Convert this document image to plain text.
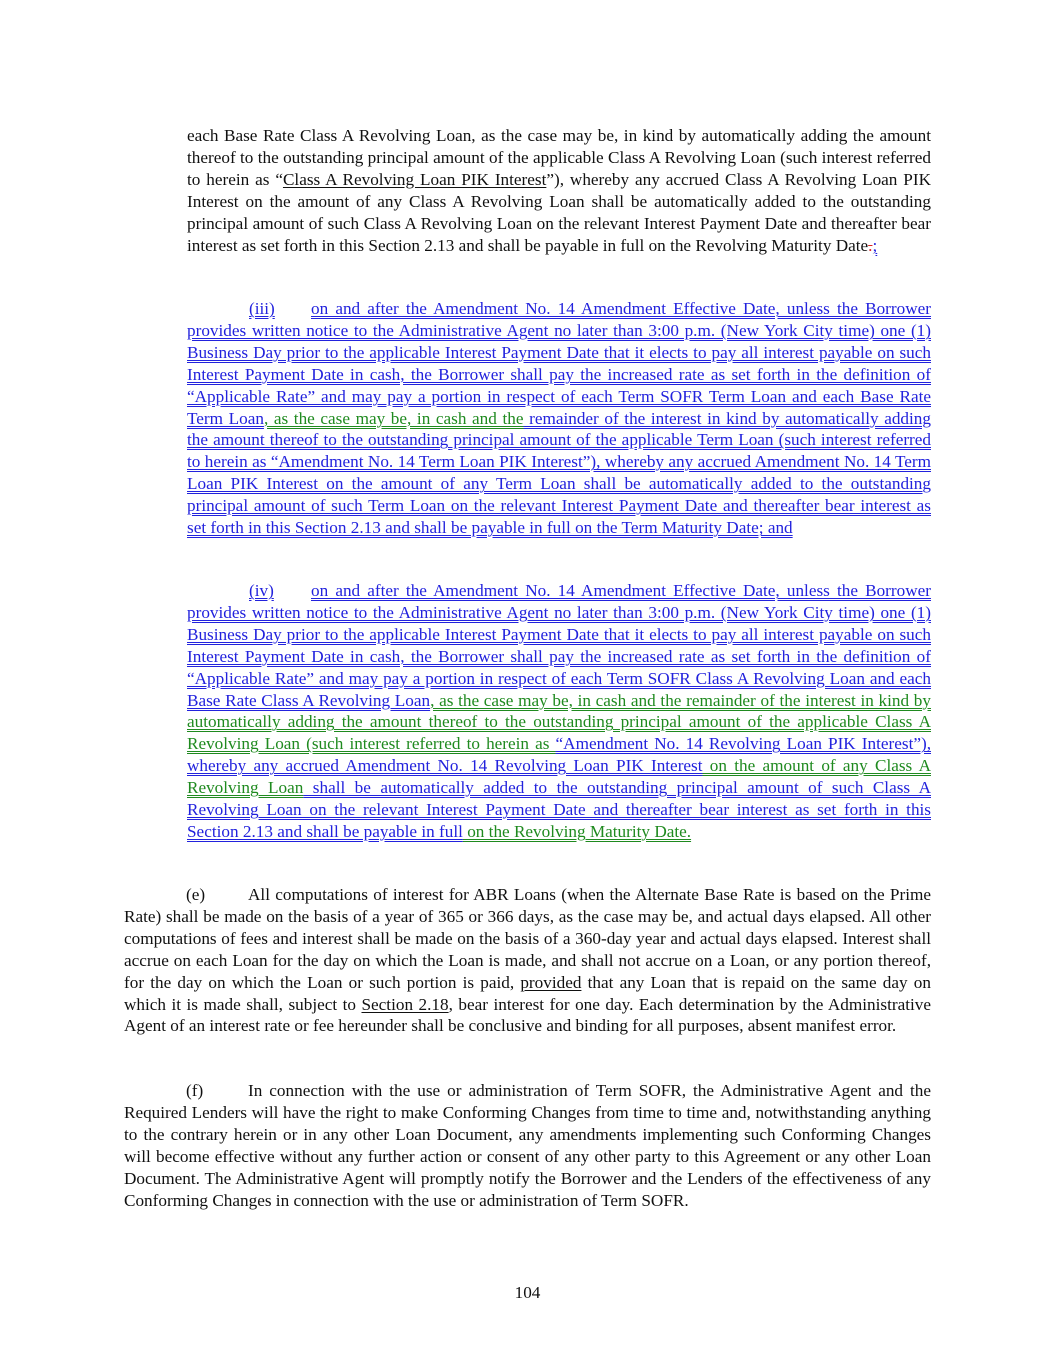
each Base Rate Class A Revolving Loan, as the case may be, in kind by automatically adding the amount thereof to the outstanding principal amount of the applicable Class A Revolving Loan (such interest referred to herein as “Class A Revolving Loan PIK Interest”), whereby any accrued Class A Revolving Loan PIK Interest on the amount of any Class A Revolving Loan shall be automatically added to the outstanding principal amount of such Class A Revolving Loan on the relevant Interest Payment Date and thereafter bear interest as set forth in this Section 2.13 and shall be payable in full on the Revolving Maturity Date.;
(iii) on and after the Amendment No. 14 Amendment Effective Date, unless the Borrower provides written notice to the Administrative Agent no later than 3:00 p.m. (New York City time) one (1) Business Day prior to the applicable Interest Payment Date that it elects to pay all interest payable on such Interest Payment Date in cash, the Borrower shall pay the increased rate as set forth in the definition of “Applicable Rate” and may pay a portion in respect of each Term SOFR Term Loan and each Base Rate Term Loan, as the case may be, in cash and the remainder of the interest in kind by automatically adding the amount thereof to the outstanding principal amount of the applicable Term Loan (such interest referred to herein as “Amendment No. 14 Term Loan PIK Interest”), whereby any accrued Amendment No. 14 Term Loan PIK Interest on the amount of any Term Loan shall be automatically added to the outstanding principal amount of such Term Loan on the relevant Interest Payment Date and thereafter bear interest as set forth in this Section 2.13 and shall be payable in full on the Term Maturity Date; and
(iv) on and after the Amendment No. 14 Amendment Effective Date, unless the Borrower provides written notice to the Administrative Agent no later than 3:00 p.m. (New York City time) one (1) Business Day prior to the applicable Interest Payment Date that it elects to pay all interest payable on such Interest Payment Date in cash, the Borrower shall pay the increased rate as set forth in the definition of “Applicable Rate” and may pay a portion in respect of each Term SOFR Class A Revolving Loan and each Base Rate Class A Revolving Loan, as the case may be, in cash and the remainder of the interest in kind by automatically adding the amount thereof to the outstanding principal amount of the applicable Class A Revolving Loan (such interest referred to herein as “Amendment No. 14 Revolving Loan PIK Interest”), whereby any accrued Amendment No. 14 Revolving Loan PIK Interest on the amount of any Class A Revolving Loan shall be automatically added to the outstanding principal amount of such Class A Revolving Loan on the relevant Interest Payment Date and thereafter bear interest as set forth in this Section 2.13 and shall be payable in full on the Revolving Maturity Date.
(e) All computations of interest for ABR Loans (when the Alternate Base Rate is based on the Prime Rate) shall be made on the basis of a year of 365 or 366 days, as the case may be, and actual days elapsed. All other computations of fees and interest shall be made on the basis of a 360-day year and actual days elapsed. Interest shall accrue on each Loan for the day on which the Loan is made, and shall not accrue on a Loan, or any portion thereof, for the day on which the Loan or such portion is paid, provided that any Loan that is repaid on the same day on which it is made shall, subject to Section 2.18, bear interest for one day. Each determination by the Administrative Agent of an interest rate or fee hereunder shall be conclusive and binding for all purposes, absent manifest error.
(f)	In connection with the use or administration of Term SOFR, the Administrative Agent and the Required Lenders will have the right to make Conforming Changes from time to time and, notwithstanding anything to the contrary herein or in any other Loan Document, any amendments implementing such Conforming Changes will become effective without any further action or consent of any other party to this Agreement or any other Loan Document. The Administrative Agent will promptly notify the Borrower and the Lenders of the effectiveness of any Conforming Changes in connection with the use or administration of Term SOFR.
104
